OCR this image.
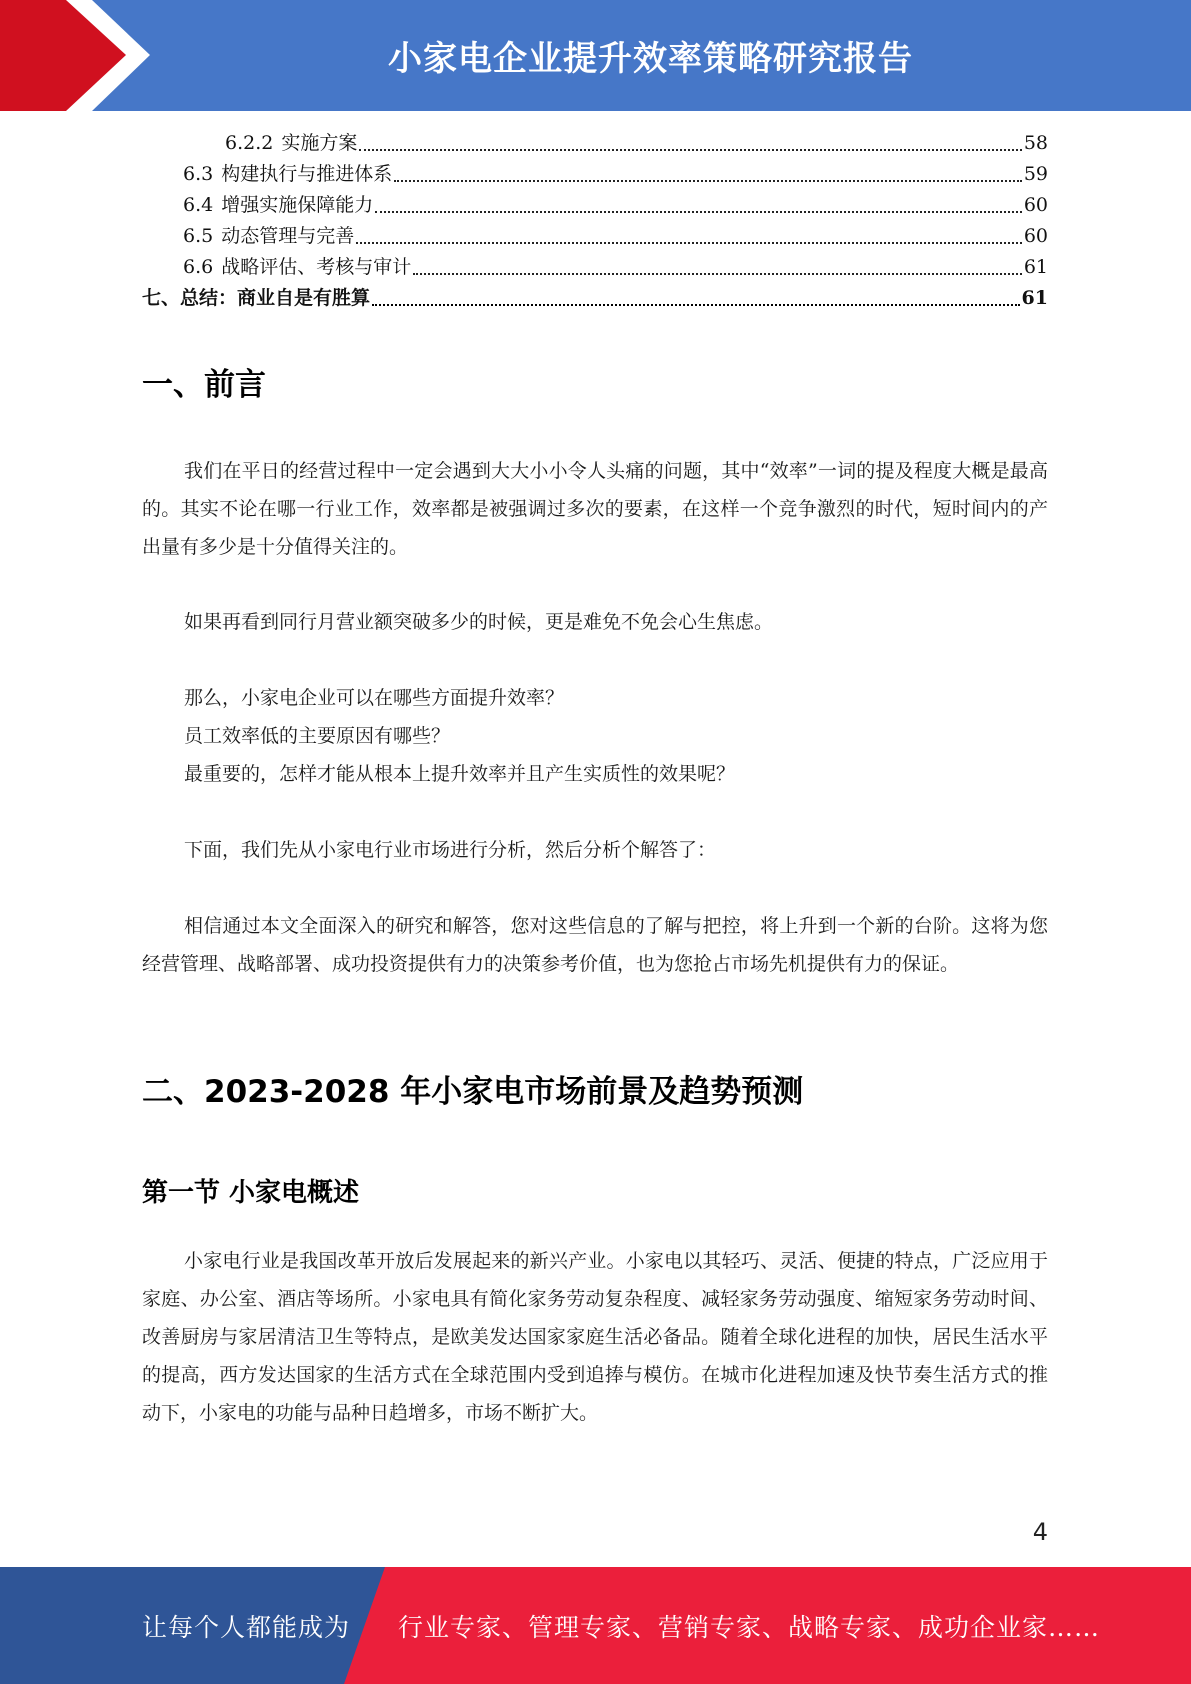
小家电企业提升效率策略研究报告
6.2.2 实施方案	58
6.3 构建执行与推进体系	59
6.4 增强实施保障能力	60
6.5 动态管理与完善	60
6.6 战略评估、考核与审计	61
七、总结：商业自是有胜算	61
一、前言
我们在平日的经营过程中一定会遇到大大小小令人头痛的问题，其中“效率”一词的提及程度大概是最高的。其实不论在哪一行业工作，效率都是被强调过多次的要素，在这样一个竞争激烈的时代，短时间内的产出量有多少是十分值得关注的。
如果再看到同行月营业额突破多少的时候，更是难免不免会心生焦虑。
那么，小家电企业可以在哪些方面提升效率？
员工效率低的主要原因有哪些？
最重要的，怎样才能从根本上提升效率并且产生实质性的效果呢？
下面，我们先从小家电行业市场进行分析，然后分析个解答了：
相信通过本文全面深入的研究和解答，您对这些信息的了解与把控，将上升到一个新的台阶。这将为您经营管理、战略部署、成功投资提供有力的决策参考价值，也为您抢占市场先机提供有力的保证。
二、2023-2028 年小家电市场前景及趋势预测
第一节 小家电概述
小家电行业是我国改革开放后发展起来的新兴产业。小家电以其轻巧、灵活、便捷的特点，广泛应用于家庭、办公室、酒店等场所。小家电具有简化家务劳动复杂程度、减轻家务劳动强度、缩短家务劳动时间、改善厨房与家居清洁卫生等特点，是欧美发达国家家庭生活必备品。随着全球化进程的加快，居民生活水平的提高，西方发达国家的生活方式在全球范围内受到追捧与模仿。在城市化进程加速及快节奏生活方式的推动下，小家电的功能与品种日趋增多，市场不断扩大。
4
让每个人都能成为 行业专家、管理专家、营销专家、战略专家、成功企业家……
